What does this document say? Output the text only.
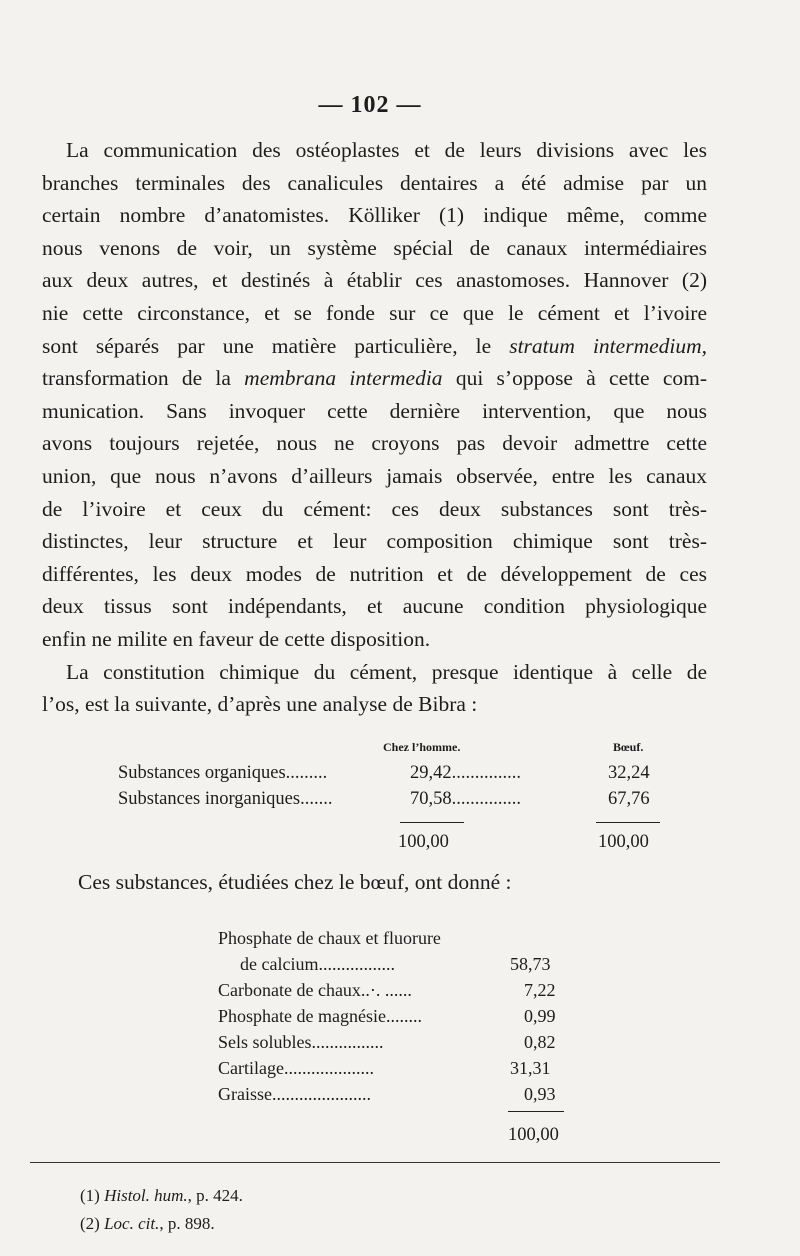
— 102 —
La communication des ostéoplastes et de leurs divisions avec les
branches terminales des canalicules dentaires a été admise par un
certain nombre d’anatomistes. Kölliker (1) indique même, comme
nous venons de voir, un système spécial de canaux intermédiaires
aux deux autres, et destinés à établir ces anastomoses. Hannover (2)
nie cette circonstance, et se fonde sur ce que le cément et l’ivoire
sont séparés par une matière particulière, le stratum intermedium,
transformation de la membrana intermedia qui s’oppose à cette com-
munication. Sans invoquer cette dernière intervention, que nous
avons toujours rejetée, nous ne croyons pas devoir admettre cette
union, que nous n’avons d’ailleurs jamais observée, entre les canaux
de l’ivoire et ceux du cément: ces deux substances sont très-
distinctes, leur structure et leur composition chimique sont très-
différentes, les deux modes de nutrition et de développement de ces
deux tissus sont indépendants, et aucune condition physiologique
enfin ne milite en faveur de cette disposition.
La constitution chimique du cément, presque identique à celle de
l’os, est la suivante, d’après une analyse de Bibra :
Chez l’homme.	Bœuf.
Substances organiques.........	29,42...............	32,24
Substances inorganiques.......	70,58...............	67,76
100,00	100,00
Ces substances, étudiées chez le bœuf, ont donné :
Phosphate de chaux et fluorure
de calcium.................	58,73
Carbonate de chaux..·. ......	7,22
Phosphate de magnésie........	0,99
Sels solubles................	0,82
Cartilage....................	31,31
Graisse......................	0,93
100,00
(1) Histol. hum., p. 424.
(2) Loc. cit., p. 898.
